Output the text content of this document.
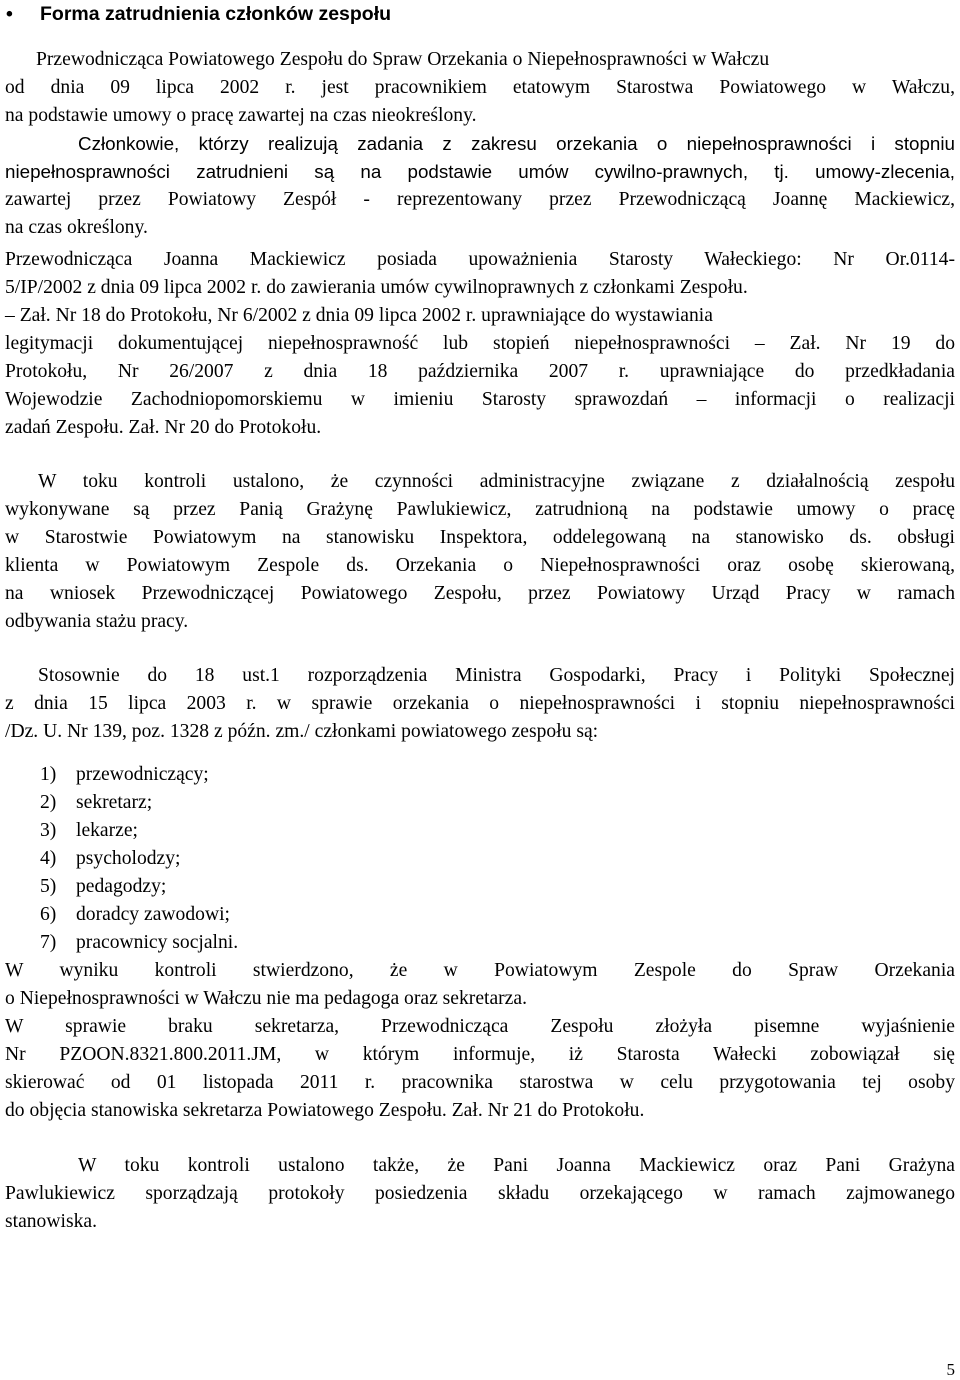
• Forma zatrudnienia członków zespołu
Przewodnicząca Powiatowego Zespołu do Spraw Orzekania o Niepełnosprawności w Wałczu
od dnia 09 lipca 2002 r. jest pracownikiem etatowym Starostwa Powiatowego w Wałczu,
na podstawie umowy o pracę zawartej na czas nieokreślony.
Członkowie, którzy realizują zadania z zakresu orzekania o niepełnosprawności i stopniu
niepełnosprawności zatrudnieni są na podstawie umów cywilno-prawnych, tj. umowy-zlecenia,
zawartej przez Powiatowy Zespół - reprezentowany przez Przewodniczącą Joannę Mackiewicz,
na czas określony.
Przewodnicząca Joanna Mackiewicz posiada upoważnienia Starosty Wałeckiego: Nr Or.0114-
5/IP/2002 z dnia 09 lipca 2002 r. do zawierania umów cywilnoprawnych z członkami Zespołu.
– Zał. Nr 18 do Protokołu, Nr 6/2002 z dnia 09 lipca 2002 r. uprawniające do wystawiania
legitymacji dokumentującej niepełnosprawność lub stopień niepełnosprawności – Zał. Nr 19 do
Protokołu, Nr 26/2007 z dnia 18 października 2007 r. uprawniające do przedkładania
Wojewodzie Zachodniopomorskiemu w imieniu Starosty sprawozdań – informacji o realizacji
zadań Zespołu. Zał. Nr 20 do Protokołu.
W toku kontroli ustalono, że czynności administracyjne związane z działalnością zespołu
wykonywane są przez Panią Grażynę Pawlukiewicz, zatrudnioną na podstawie umowy o pracę
w Starostwie Powiatowym na stanowisku Inspektora, oddelegowaną na stanowisko ds. obsługi
klienta w Powiatowym Zespole ds. Orzekania o Niepełnosprawności oraz osobę skierowaną,
na wniosek Przewodniczącej Powiatowego Zespołu, przez Powiatowy Urząd Pracy w ramach
odbywania stażu pracy.
Stosownie do 18 ust.1 rozporządzenia Ministra Gospodarki, Pracy i Polityki Społecznej
z dnia 15 lipca 2003 r. w sprawie orzekania o niepełnosprawności i stopniu niepełnosprawności
/Dz. U. Nr 139, poz. 1328 z późn. zm./ członkami powiatowego zespołu są:
1) przewodniczący;
2) sekretarz;
3) lekarze;
4) psycholodzy;
5) pedagodzy;
6) doradcy zawodowi;
7) pracownicy socjalni.
W wyniku kontroli stwierdzono, że w Powiatowym Zespole do Spraw Orzekania
o Niepełnosprawności w Wałczu nie ma pedagoga oraz sekretarza.
W sprawie braku sekretarza, Przewodnicząca Zespołu złożyła pisemne wyjaśnienie
Nr PZOON.8321.800.2011.JM, w którym informuje, iż Starosta Wałecki zobowiązał się
skierować od 01 listopada 2011 r. pracownika starostwa w celu przygotowania tej osoby
do objęcia stanowiska sekretarza Powiatowego Zespołu. Zał. Nr 21 do Protokołu.
W toku kontroli ustalono także, że Pani Joanna Mackiewicz oraz Pani Grażyna
Pawlukiewicz sporządzają protokoły posiedzenia składu orzekającego w ramach zajmowanego
stanowiska.
5
